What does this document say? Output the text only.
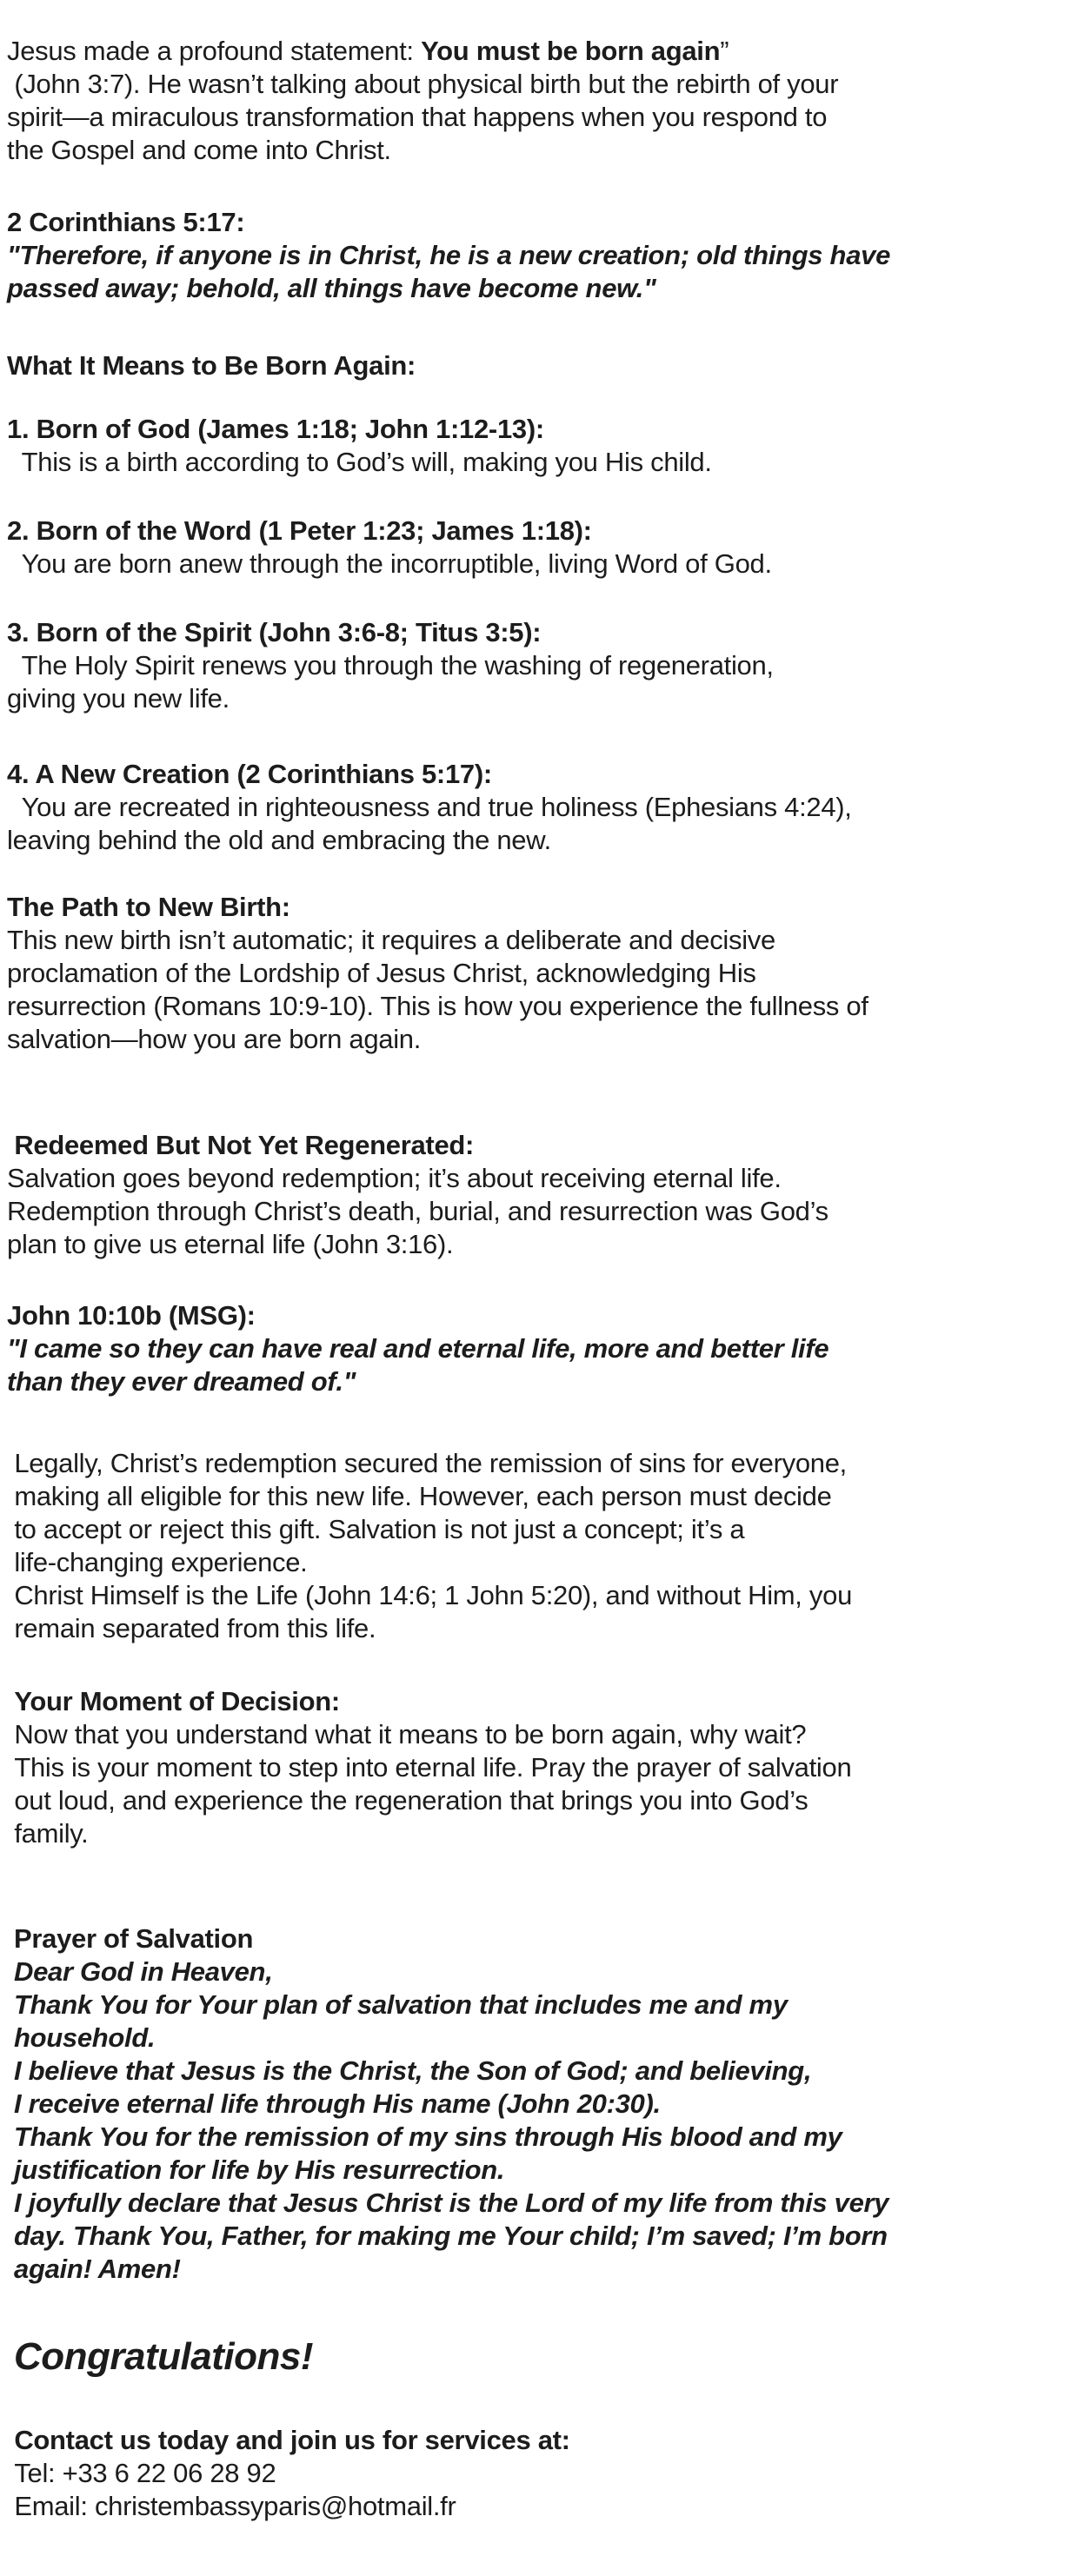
Jesus made a profound statement: You must be born again”
(John 3:7). He wasn’t talking about physical birth but the rebirth of your
spirit—a miraculous transformation that happens when you respond to
the Gospel and come into Christ.
2 Corinthians 5:17:
"Therefore, if anyone is in Christ, he is a new creation; old things have
passed away; behold, all things have become new."
What It Means to Be Born Again:
1. Born of God (James 1:18; John 1:12-13):
This is a birth according to God’s will, making you His child.
2. Born of the Word (1 Peter 1:23; James 1:18):
You are born anew through the incorruptible, living Word of God.
3. Born of the Spirit (John 3:6-8; Titus 3:5):
The Holy Spirit renews you through the washing of regeneration,
giving you new life.
4. A New Creation (2 Corinthians 5:17):
You are recreated in righteousness and true holiness (Ephesians 4:24),
leaving behind the old and embracing the new.
The Path to New Birth:
This new birth isn’t automatic; it requires a deliberate and decisive
proclamation of the Lordship of Jesus Christ, acknowledging His
resurrection (Romans 10:9-10). This is how you experience the fullness of
salvation—how you are born again.
Redeemed But Not Yet Regenerated:
Salvation goes beyond redemption; it’s about receiving eternal life.
Redemption through Christ’s death, burial, and resurrection was God’s
plan to give us eternal life (John 3:16).
John 10:10b (MSG):
"I came so they can have real and eternal life, more and better life
than they ever dreamed of."
Legally, Christ’s redemption secured the remission of sins for everyone,
making all eligible for this new life. However, each person must decide
to accept or reject this gift. Salvation is not just a concept; it’s a
life-changing experience.
Christ Himself is the Life (John 14:6; 1 John 5:20), and without Him, you
remain separated from this life.
Your Moment of Decision:
Now that you understand what it means to be born again, why wait?
This is your moment to step into eternal life. Pray the prayer of salvation
out loud, and experience the regeneration that brings you into God’s
family.
Prayer of Salvation
Dear God in Heaven,
Thank You for Your plan of salvation that includes me and my
household.
I believe that Jesus is the Christ, the Son of God; and believing,
I receive eternal life through His name (John 20:30).
Thank You for the remission of my sins through His blood and my
justification for life by His resurrection.
I joyfully declare that Jesus Christ is the Lord of my life from this very
day. Thank You, Father, for making me Your child; I’m saved; I’m born
again! Amen!
Congratulations!
Contact us today and join us for services at:
Tel: +33 6 22 06 28 92
Email: christembassyparis@hotmail.fr
